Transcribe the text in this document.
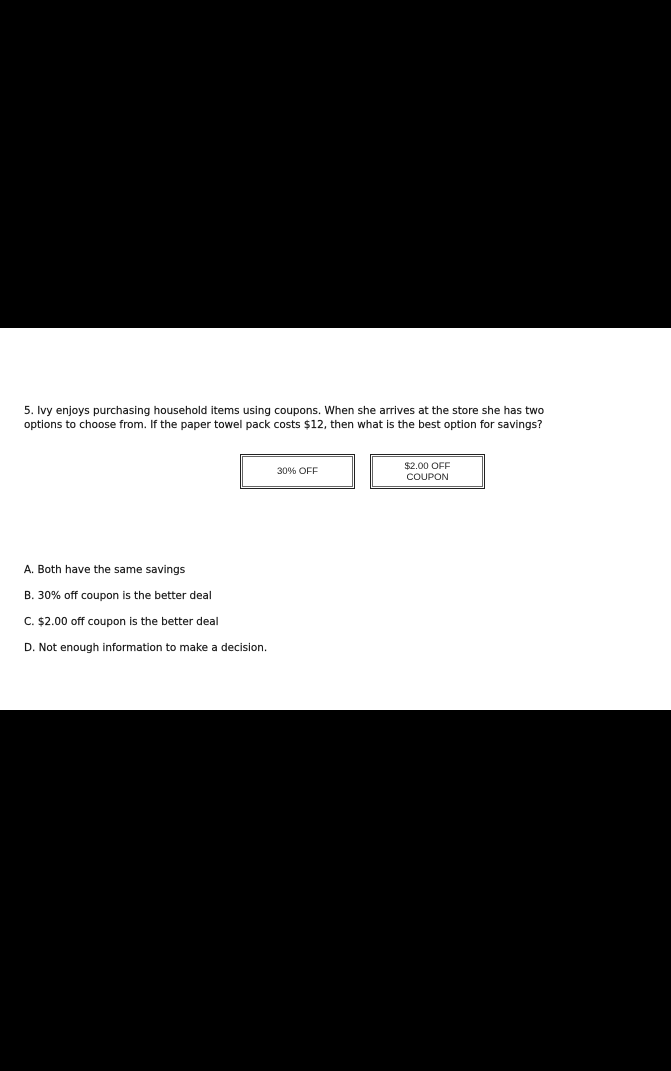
5. Ivy enjoys purchasing household items using coupons. When she arrives at the store she has two
options to choose from. If the paper towel pack costs $12, then what is the best option for savings?

30% OFF	$2.00 OFF
COUPON
A. Both have the same savings
B. 30% off coupon is the better deal
C. $2.00 off coupon is the better deal
D. Not enough information to make a decision.
